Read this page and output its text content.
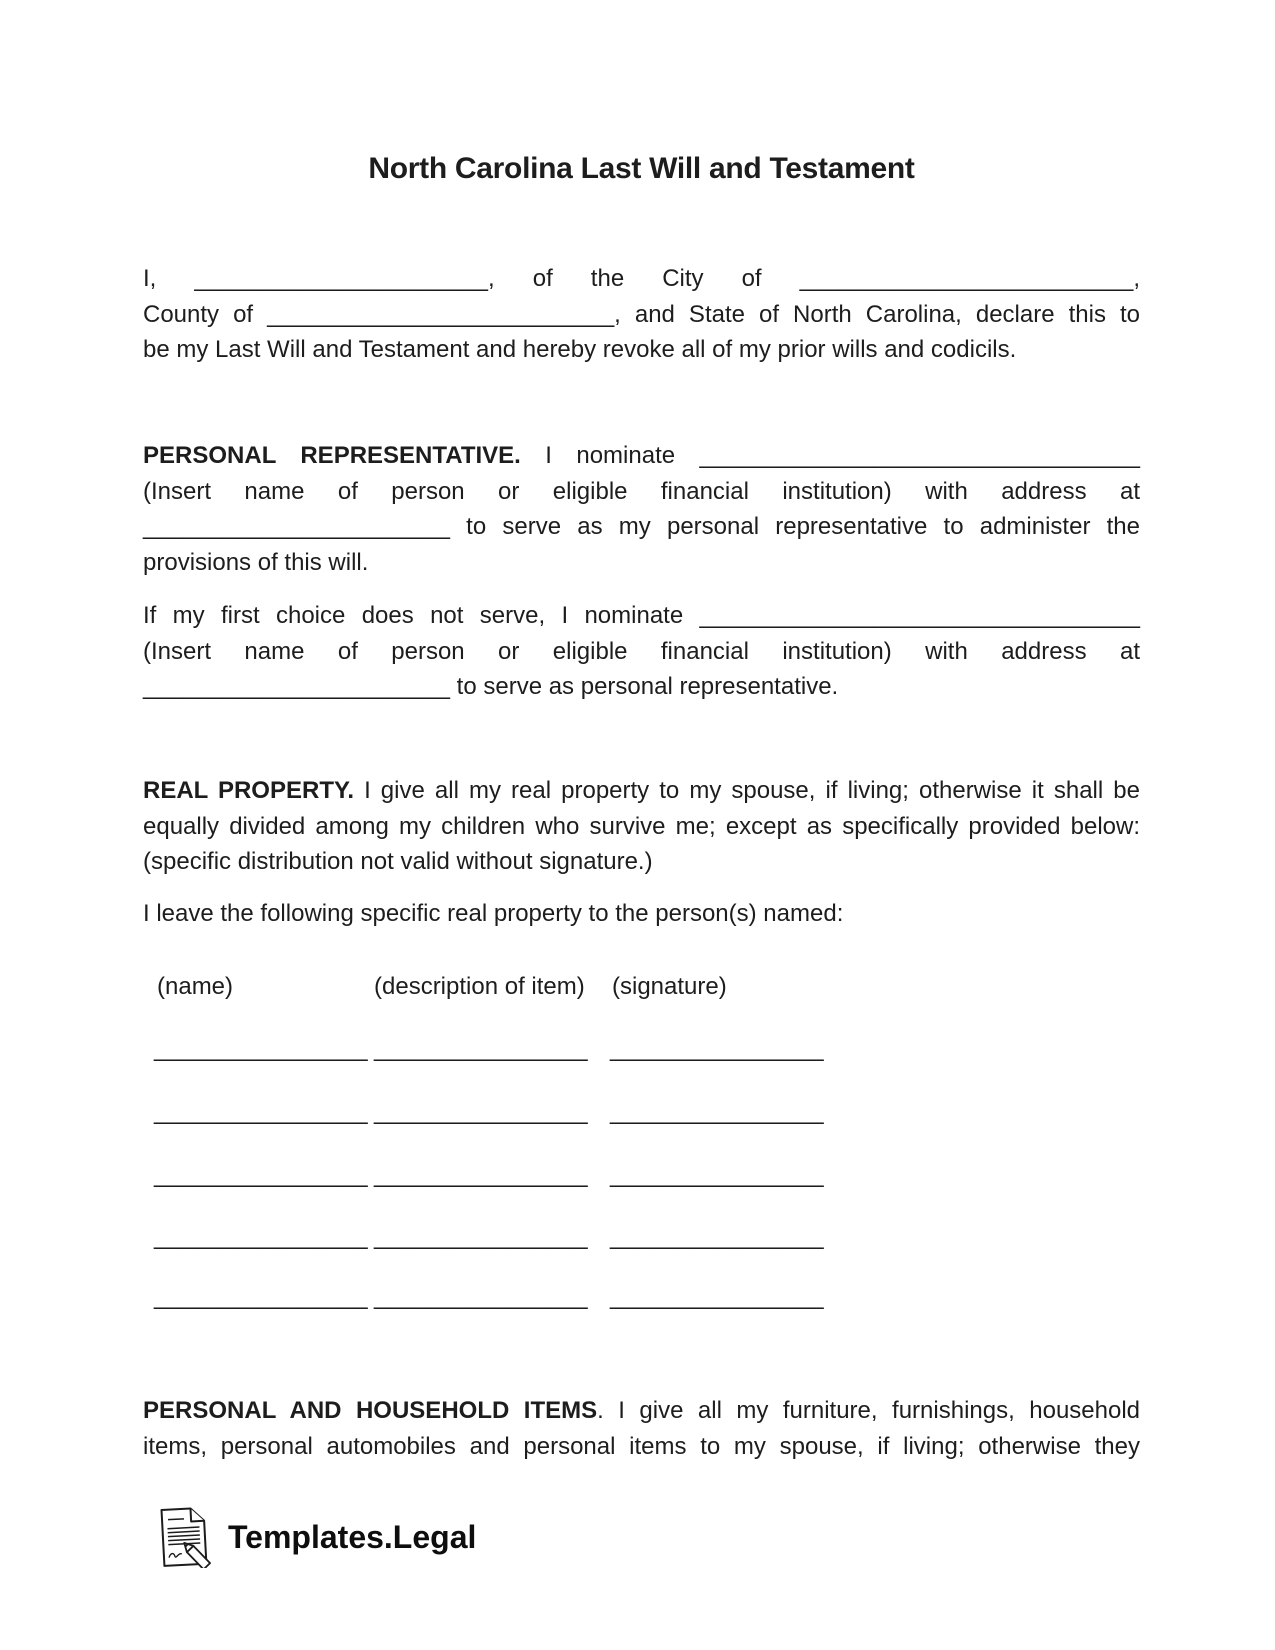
North Carolina Last Will and Testament
I, ______________________, of the City of _________________________,
County of __________________________, and State of North Carolina, declare this to
be my Last Will and Testament and hereby revoke all of my prior wills and codicils.
PERSONAL REPRESENTATIVE. I nominate _________________________________
(Insert name of person or eligible financial institution) with address at
_______________________ to serve as my personal representative to administer the
provisions of this will.
If my first choice does not serve, I nominate _________________________________
(Insert name of person or eligible financial institution) with address at
_______________________ to serve as personal representative.
REAL PROPERTY. I give all my real property to my spouse, if living; otherwise it shall be
equally divided among my children who survive me; except as specifically provided below:
(specific distribution not valid without signature.)
I leave the following specific real property to the person(s) named:
(name)	(description of item) (signature)
________________ ________________ ________________
________________ ________________ ________________
________________ ________________ ________________
________________ ________________ ________________
________________ ________________ ________________
PERSONAL AND HOUSEHOLD ITEMS. I give all my furniture, furnishings, household
items, personal automobiles and personal items to my spouse, if living; otherwise they
Templates.Legal
